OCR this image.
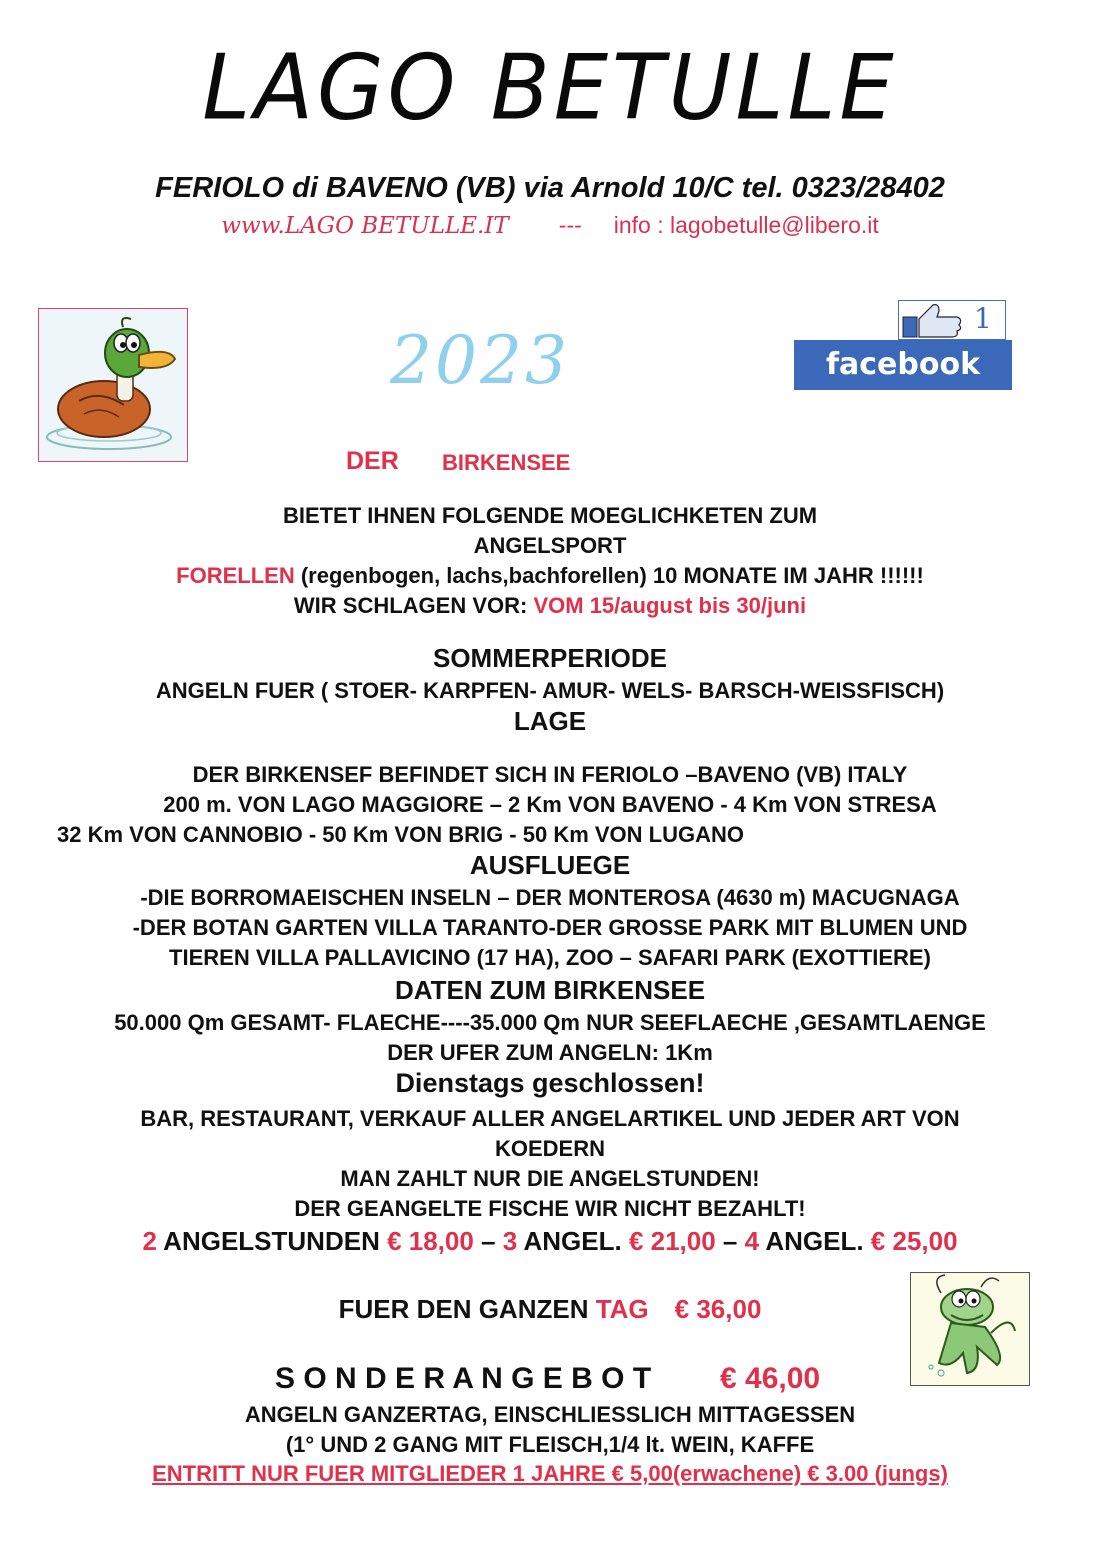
LAGO BETULLE
FERIOLO di BAVENO (VB) via Arnold 10/C tel. 0323/28402
www.LAGO BETULLE.IT --- info : lagobetulle@libero.it
2023
1
facebook
DER BIRKENSEE
BIETET IHNEN FOLGENDE MOEGLICHKETEN ZUM
ANGELSPORT
FORELLEN (regenbogen, lachs,bachforellen) 10 MONATE IM JAHR !!!!!!
WIR SCHLAGEN VOR: VOM 15/august bis 30/juni
SOMMERPERIODE
ANGELN FUER ( STOER- KARPFEN- AMUR- WELS- BARSCH-WEISSFISCH)
LAGE
DER BIRKENSEF BEFINDET SICH IN FERIOLO –BAVENO (VB) ITALY
200 m. VON LAGO MAGGIORE – 2 Km VON BAVENO - 4 Km VON STRESA
32 Km VON CANNOBIO - 50 Km VON BRIG - 50 Km VON LUGANO
AUSFLUEGE
-DIE BORROMAEISCHEN INSELN – DER MONTEROSA (4630 m) MACUGNAGA
-DER BOTAN GARTEN VILLA TARANTO-DER GROSSE PARK MIT BLUMEN UND
TIEREN VILLA PALLAVICINO (17 HA), ZOO – SAFARI PARK (EXOTTIERE)
DATEN ZUM BIRKENSEE
50.000 Qm GESAMT- FLAECHE----35.000 Qm NUR SEEFLAECHE ,GESAMTLAENGE
DER UFER ZUM ANGELN: 1Km
Dienstags geschlossen!
BAR, RESTAURANT, VERKAUF ALLER ANGELARTIKEL UND JEDER ART VON
KOEDERN
MAN ZAHLT NUR DIE ANGELSTUNDEN!
DER GEANGELTE FISCHE WIR NICHT BEZAHLT!
2 ANGELSTUNDEN € 18,00 – 3 ANGEL. € 21,00 – 4 ANGEL. € 25,00
FUER DEN GANZEN TAG € 36,00
S O N D E R A N G E B O T € 46,00
ANGELN GANZERTAG, EINSCHLIESSLICH MITTAGESSEN
(1° UND 2 GANG MIT FLEISCH,1/4 lt. WEIN, KAFFE
ENTRITT NUR FUER MITGLIEDER 1 JAHRE € 5,00(erwachene) € 3.00 (jungs)
